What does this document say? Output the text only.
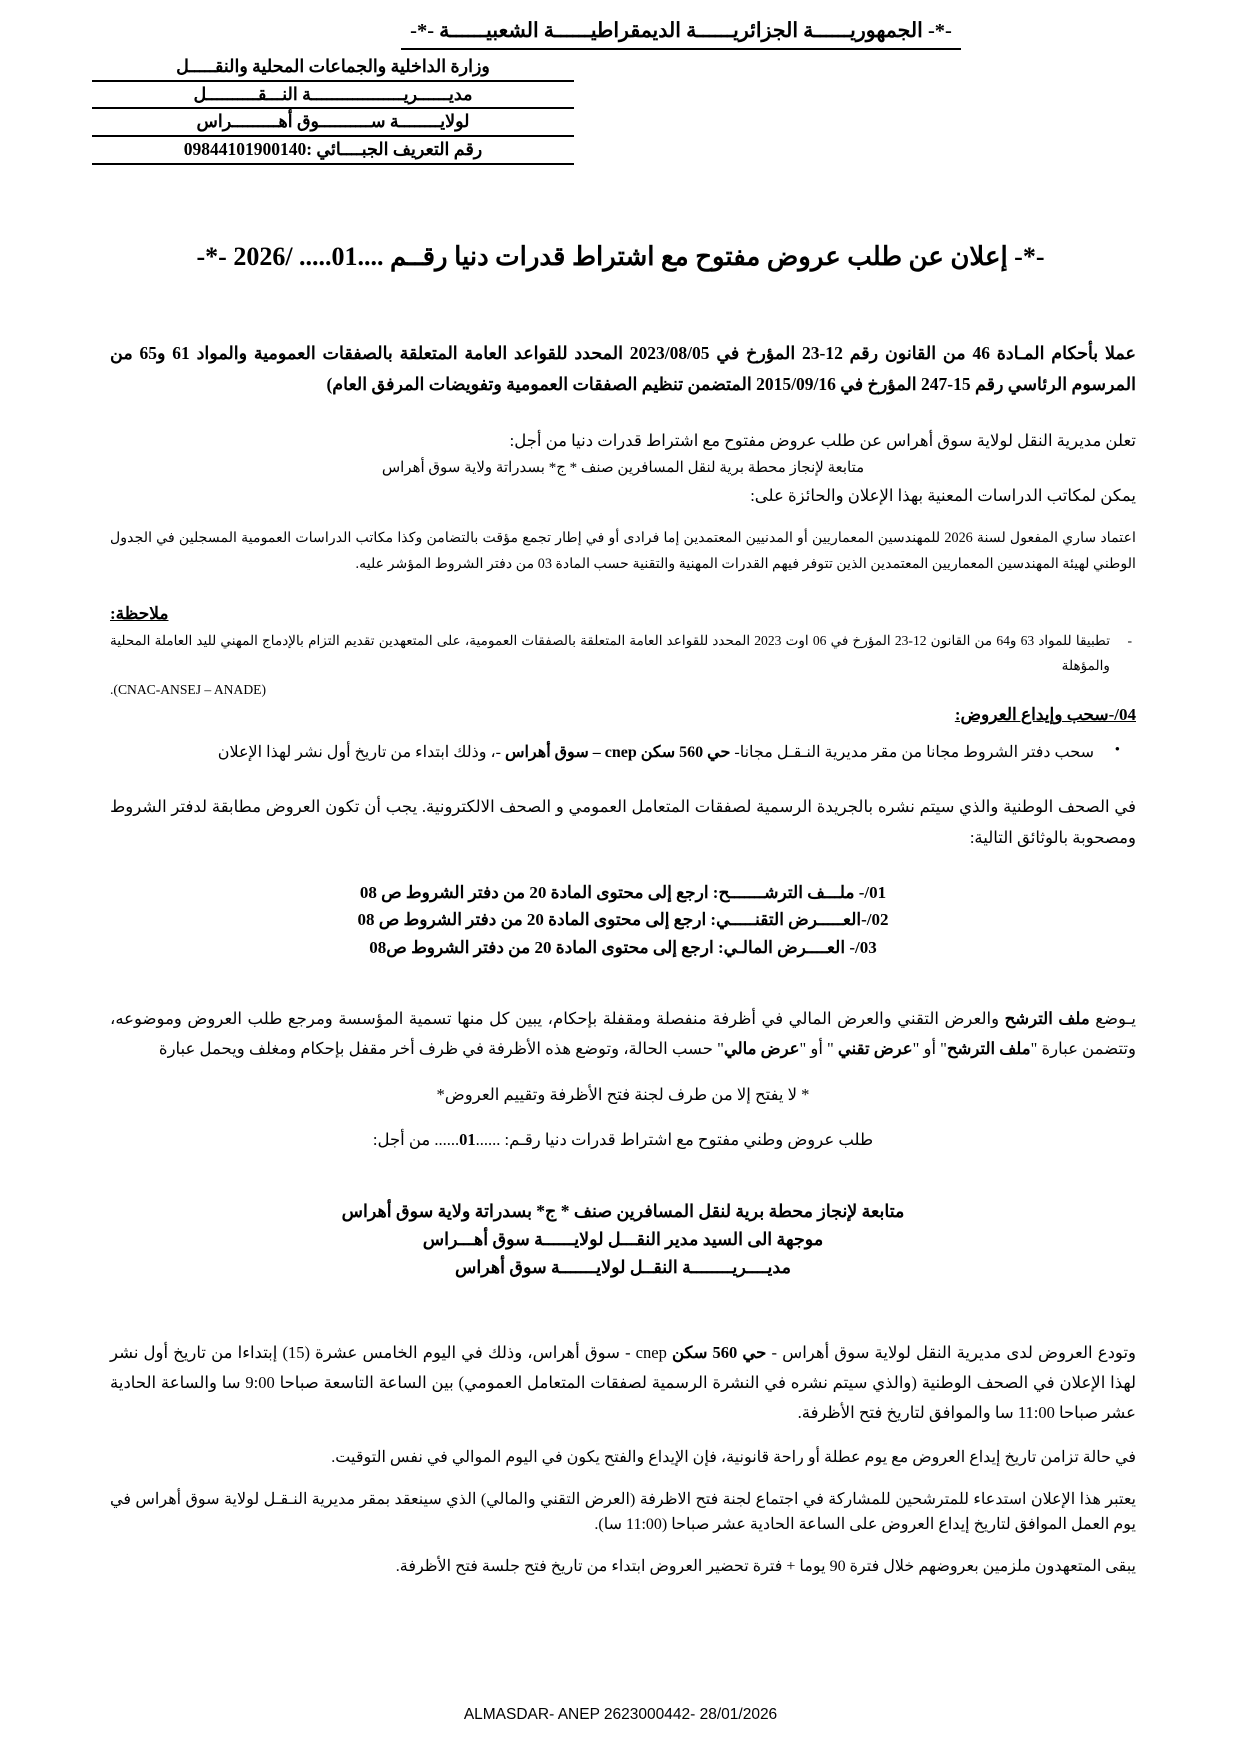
-*- الجمهوريــــــة الجزائريــــــة الديمقراطيــــــة الشعبيــــــة -*-
وزارة الداخلية والجماعات المحلية والنقـــــل
مديــــــريــــــــــــــــــة النـــقــــــــــل
لولايــــــــة ســــــــــوق أهـــــــــراس
رقم التعريف الجبــــائي :09844101900140
-*- إعلان عن طلب عروض مفتوح مع اشتراط قدرات دنيا رقــم ....01..... /2026 -*-
عملا بأحكام المـادة 46 من القانون رقم 12-23 المؤرخ في 2023/08/05 المحدد للقواعد العامة المتعلقة بالصفقات العمومية والمواد 61 و65 من المرسوم الرئاسي رقم 15-247 المؤرخ في 2015/09/16 المتضمن تنظيم الصفقات العمومية وتفويضات المرفق العام)

تعلن مديرية النقل لولاية سوق أهراس عن طلب عروض مفتوح مع اشتراط قدرات دنيا من أجل:

متابعة لإنجاز محطة برية لنقل المسافرين صنف * ج* بسدراتة ولاية سوق أهراس

يمكن لمكاتب الدراسات المعنية بهذا الإعلان والحائزة على:

اعتماد ساري المفعول لسنة 2026 للمهندسين المعماريين أو المدنيين المعتمدين إما فرادى أو في إطار تجمع مؤقت بالتضامن وكذا مكاتب الدراسات العمومية المسجلين في الجدول الوطني لهيئة المهندسين المعماريين المعتمدين الذين تتوفر فيهم القدرات المهنية والتقنية حسب المادة 03 من دفتر الشروط المؤشر عليه.

ملاحظة:

-
تطبيقا للمواد 63 و64 من القانون 12-23 المؤرخ في 06 اوت 2023 المحدد للقواعد العامة المتعلقة بالصفقات العمومية، على المتعهدين تقديم التزام بالإدماج المهني لليد العاملة المحلية والمؤهلة

(CNAC-ANSEJ – ANADE).

04/-سحب وإيداع العروض:

•
سحب دفتر الشروط مجانا من مقر مديرية النـقـل مجانا- حي 560 سكن cnep – سوق أهراس -، وذلك ابتداء من تاريخ أول نشر لهذا الإعلان

في الصحف الوطنية والذي سيتم نشره بالجريدة الرسمية لصفقات المتعامل العمومي و الصحف الالكترونية. يجب أن تكون العروض مطابقة لدفتر الشروط ومصحوبة بالوثائق التالية:

01/- ملـــف الترشـــــــح: ارجع إلى محتوى المادة 20 من دفتر الشروط ص 08

02/-العـــــرض التقنـــــي: ارجع إلى محتوى المادة 20 من دفتر الشروط ص 08

03/- العــــرض المالـي: ارجع إلى محتوى المادة 20 من دفتر الشروط ص08

يـوضع ملف الترشح والعرض التقني والعرض المالي في أظرفة منفصلة ومقفلة بإحكام، يبين كل منها تسمية المؤسسة ومرجع طلب العروض وموضوعه، وتتضمن عبارة "ملف الترشح" أو "عرض تقني " أو "عرض مالي" حسب الحالة، وتوضع هذه الأظرفة في ظرف أخر مقفل بإحكام ومغلف ويحمل عبارة

* لا يفتح إلا من طرف لجنة فتح الأظرفة وتقييم العروض*

طلب عروض وطني مفتوح مع اشتراط قدرات دنيا رقـم: ......01...... من أجل:

متابعة لإنجاز محطة برية لنقل المسافرين صنف * ج* بسدراتة ولاية سوق أهراس
موجهة الى السيد مدير النقـــل لولايــــــة سوق أهـــراس
مديــــريــــــــة النقــل لولايـــــــة سوق أهراس

وتودع العروض لدى مديرية النقل لولاية سوق أهراس - حي 560 سكن cnep - سوق أهراس، وذلك في اليوم الخامس عشرة (15) إبتداءا من تاريخ أول نشر لهذا الإعلان في الصحف الوطنية (والذي سيتم نشره في النشرة الرسمية لصفقات المتعامل العمومي) بين الساعة التاسعة صباحا 9:00 سا والساعة الحادية عشر صباحا 11:00 سا والموافق لتاريخ فتح الأظرفة.

في حالة تزامن تاريخ إيداع العروض مع يوم عطلة أو راحة قانونية، فإن الإيداع والفتح يكون في اليوم الموالي في نفس التوقيت.

يعتبر هذا الإعلان استدعاء للمترشحين للمشاركة في اجتماع لجنة فتح الاظرفة (العرض التقني والمالي) الذي سينعقد بمقر مديرية النـقـل لولاية سوق أهراس في يوم العمل الموافق لتاريخ إيداع العروض على الساعة الحادية عشر صباحا (11:00 سا).

يبقى المتعهدون ملزمين بعروضهم خلال فترة 90 يوما + فترة تحضير العروض ابتداء من تاريخ فتح جلسة فتح الأظرفة.

ALMASDAR- ANEP 2623000442- 28/01/2026
